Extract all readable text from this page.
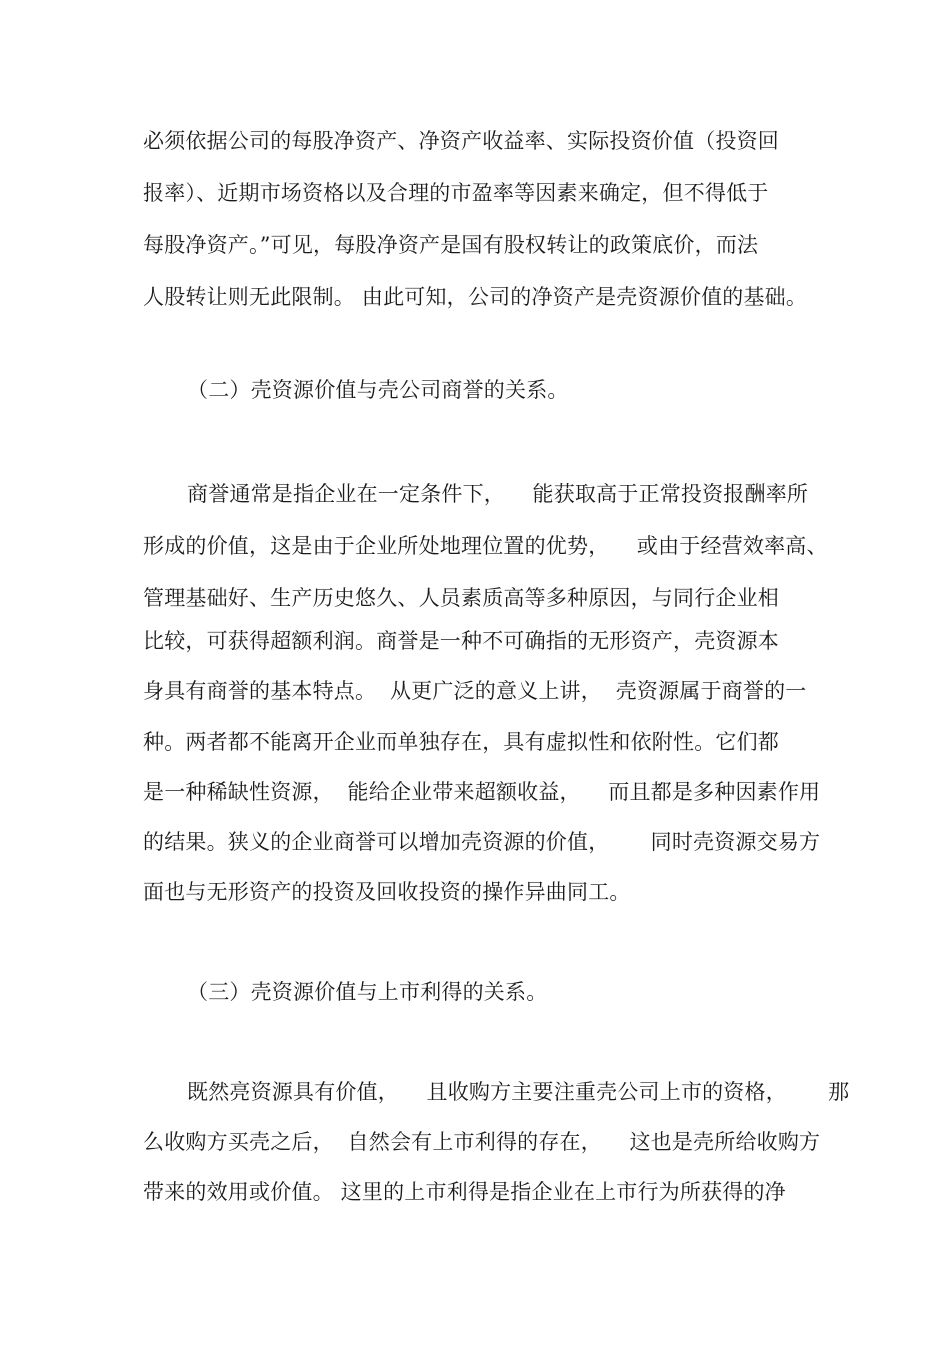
必须依据公司的每股净资产、净资产收益率、实际投资价值（投资回
报率）、近期市场资格以及合理的市盈率等因素来确定，但不得低于
每股净资产。”可见，每股净资产是国有股权转让的政策底价，而法
人股转让则无此限制。 由此可知，公司的净资产是壳资源价值的基础。
（二）壳资源价值与壳公司商誉的关系。
商誉通常是指企业在一定条件下，    能获取高于正常投资报酬率所
形成的价值，这是由于企业所处地理位置的优势，    或由于经营效率高、
管理基础好、生产历史悠久、人员素质高等多种原因，与同行企业相
比较，可获得超额利润。商誉是一种不可确指的无形资产，壳资源本
身具有商誉的基本特点。  从更广泛的意义上讲，  壳资源属于商誉的一
种。两者都不能离开企业而单独存在，具有虚拟性和依附性。它们都
是一种稀缺性资源，  能给企业带来超额收益，    而且都是多种因素作用
的结果。狭义的企业商誉可以增加壳资源的价值，      同时壳资源交易方
面也与无形资产的投资及回收投资的操作异曲同工。
（三）壳资源价值与上市利得的关系。
既然亮资源具有价值，    且收购方主要注重壳公司上市的资格，      那
么收购方买壳之后，  自然会有上市利得的存在，    这也是壳所给收购方
带来的效用或价值。 这里的上市利得是指企业在上市行为所获得的净
